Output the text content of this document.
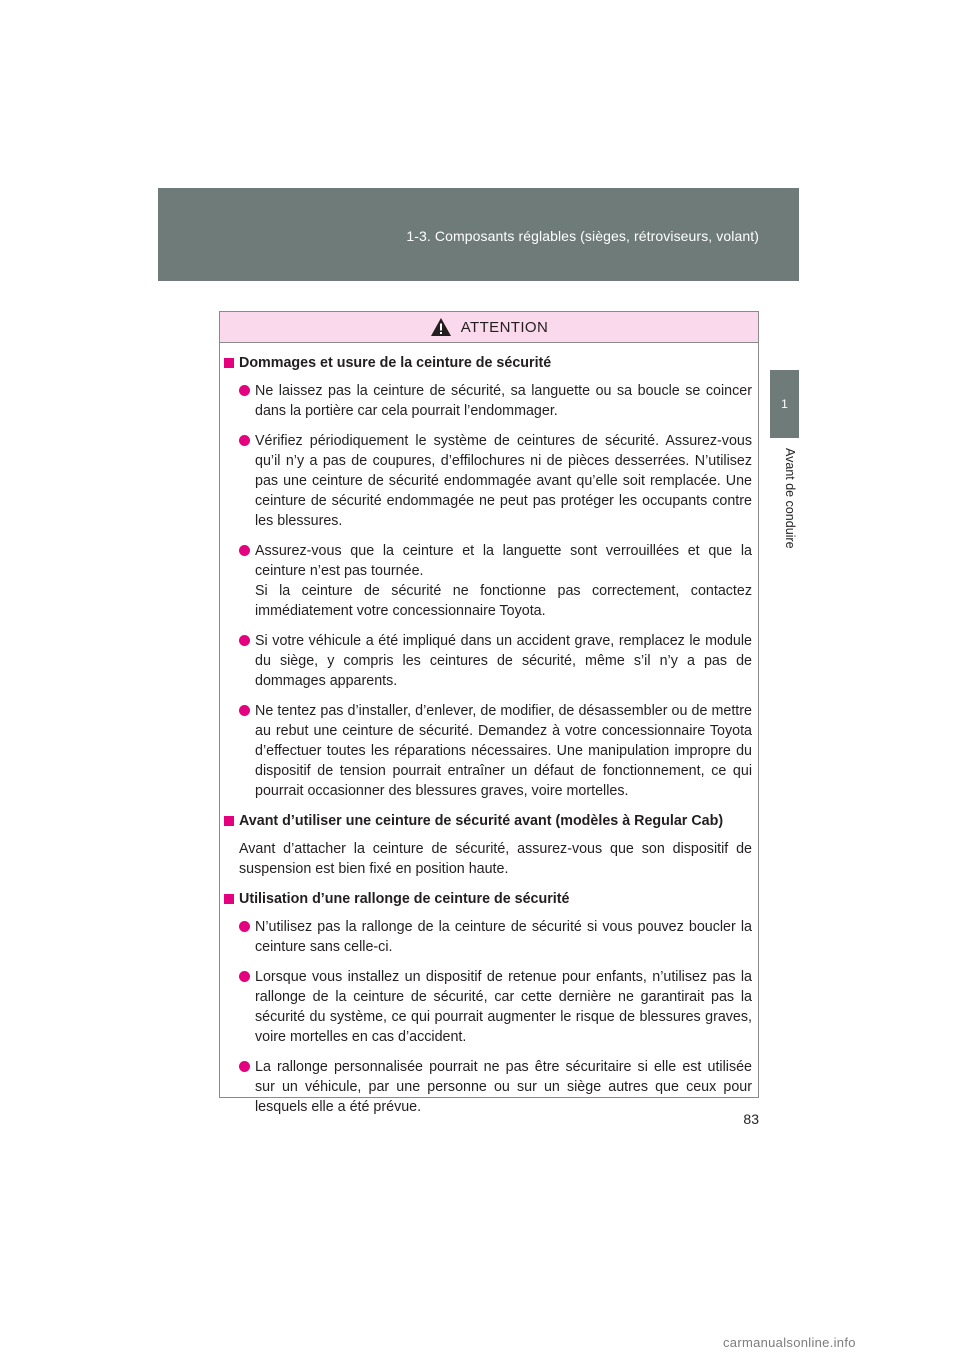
1-3. Composants réglables (sièges, rétroviseurs, volant)
1
Avant de conduire
ATTENTION
Dommages et usure de la ceinture de sécurité
Ne laissez pas la ceinture de sécurité, sa languette ou sa boucle se coincer dans la portière car cela pourrait l’endommager.
Vérifiez périodiquement le système de ceintures de sécurité. Assurez-vous qu’il n’y a pas de coupures, d’effilochures ni de pièces desserrées. N’utilisez pas une ceinture de sécurité endommagée avant qu’elle soit remplacée. Une ceinture de sécurité endommagée ne peut pas protéger les occupants contre les blessures.
Assurez-vous que la ceinture et la languette sont verrouillées et que la ceinture n’est pas tournée.
Si la ceinture de sécurité ne fonctionne pas correctement, contactez immédiatement votre concessionnaire Toyota.
Si votre véhicule a été impliqué dans un accident grave, remplacez le module du siège, y compris les ceintures de sécurité, même s’il n’y a pas de dommages apparents.
Ne tentez pas d’installer, d’enlever, de modifier, de désassembler ou de mettre au rebut une ceinture de sécurité. Demandez à votre concessionnaire Toyota d’effectuer toutes les réparations nécessaires. Une manipulation impropre du dispositif de tension pourrait entraîner un défaut de fonctionnement, ce qui pourrait occasionner des blessures graves, voire mortelles.
Avant d’utiliser une ceinture de sécurité avant (modèles à Regular Cab)
Avant d’attacher la ceinture de sécurité, assurez-vous que son dispositif de suspension est bien fixé en position haute.
Utilisation d’une rallonge de ceinture de sécurité
N’utilisez pas la rallonge de la ceinture de sécurité si vous pouvez boucler la ceinture sans celle-ci.
Lorsque vous installez un dispositif de retenue pour enfants, n’utilisez pas la rallonge de la ceinture de sécurité, car cette dernière ne garantirait pas la sécurité du système, ce qui pourrait augmenter le risque de blessures graves, voire mortelles en cas d’accident.
La rallonge personnalisée pourrait ne pas être sécuritaire si elle est utilisée sur un véhicule, par une personne ou sur un siège autres que ceux pour lesquels elle a été prévue.
83
carmanualsonline.info
